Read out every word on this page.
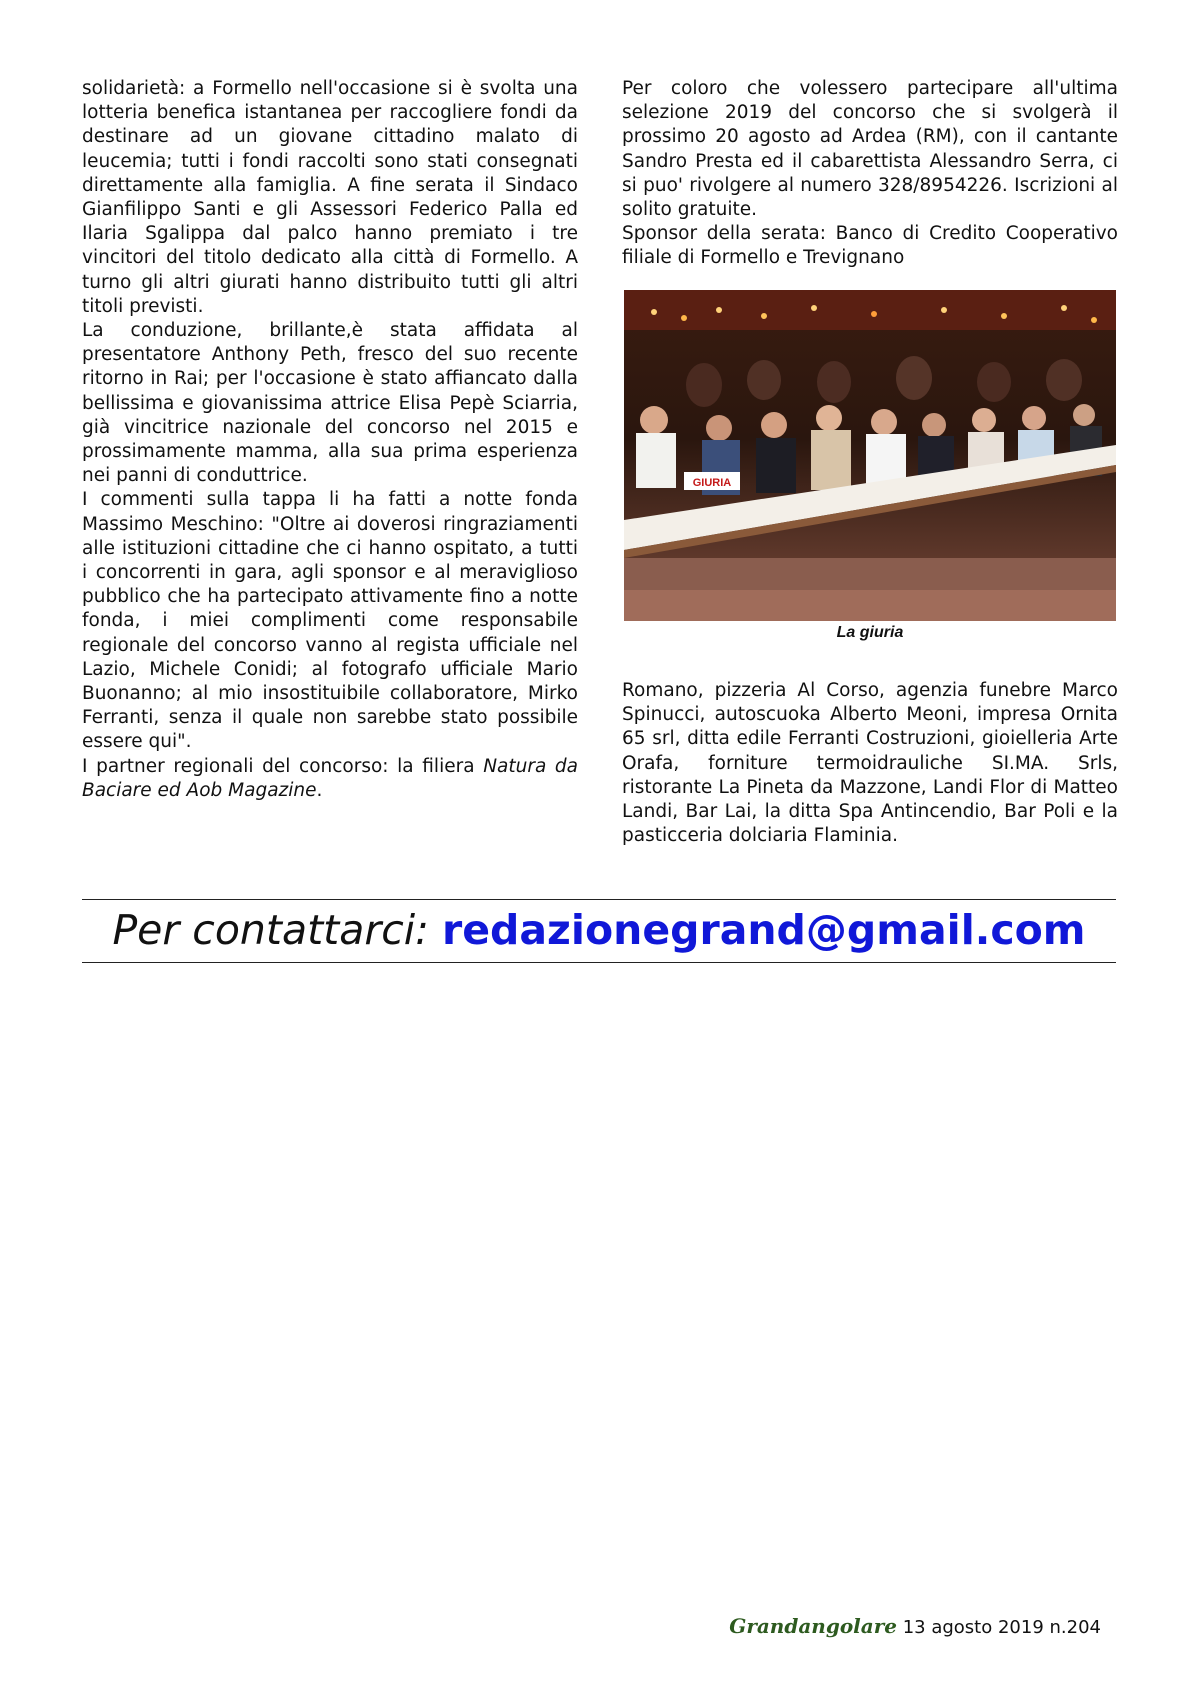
solidarietà: a Formello nell'occasione si è svolta una lotteria benefica istantanea per raccogliere fondi da destinare ad un giovane cittadino malato di leucemia; tutti i fondi raccolti sono stati consegnati direttamente alla famiglia. A fine serata il Sindaco Gianfilippo Santi e gli Assessori Federico Palla ed Ilaria Sgalippa dal palco hanno premiato i tre vincitori del titolo dedicato alla città di Formello. A turno gli altri giurati hanno distribuito tutti gli altri titoli previsti.

La conduzione, brillante,è stata affidata al presentatore Anthony Peth, fresco del suo recente ritorno in Rai; per l'occasione è stato affiancato dalla bellissima e giovanissima attrice Elisa Pepè Sciarria, già vincitrice nazionale del concorso nel 2015 e prossimamente mamma, alla sua prima esperienza nei panni di conduttrice.

I commenti sulla tappa li ha fatti a notte fonda Massimo Meschino: "Oltre ai doverosi ringraziamenti alle istituzioni cittadine che ci hanno ospitato, a tutti i concorrenti in gara, agli sponsor e al meraviglioso pubblico che ha partecipato attivamente fino a notte fonda, i miei complimenti come responsabile regionale del concorso vanno al regista ufficiale nel Lazio, Michele Conidi; al fotografo ufficiale Mario Buonanno; al mio insostituibile collaboratore, Mirko Ferranti, senza il quale non sarebbe stato possibile essere qui".

I partner regionali del concorso: la filiera Natura da Baciare ed Aob Magazine.

Per coloro che volessero partecipare all'ultima selezione 2019 del concorso che si svolgerà il prossimo 20 agosto ad Ardea (RM), con il cantante Sandro Presta ed il cabarettista Alessandro Serra, ci si puo' rivolgere al numero 328/8954226. Iscrizioni al solito gratuite.

Sponsor della serata: Banco di Credito Cooperativo filiale di Formello e Trevignano

GIURIA
La giuria

Romano, pizzeria Al Corso, agenzia funebre Marco Spinucci, autoscuoka Alberto Meoni, impresa Ornita 65 srl, ditta edile Ferranti Costruzioni, gioielleria Arte Orafa, forniture termoidrauliche SI.MA. Srls, ristorante La Pineta da Mazzone, Landi Flor di Matteo Landi, Bar Lai, la ditta Spa Antincendio, Bar Poli e la pasticceria dolciaria Flaminia.

Per contattarci: redazionegrand@gmail.com
Grandangolare 13 agosto 2019 n.204
